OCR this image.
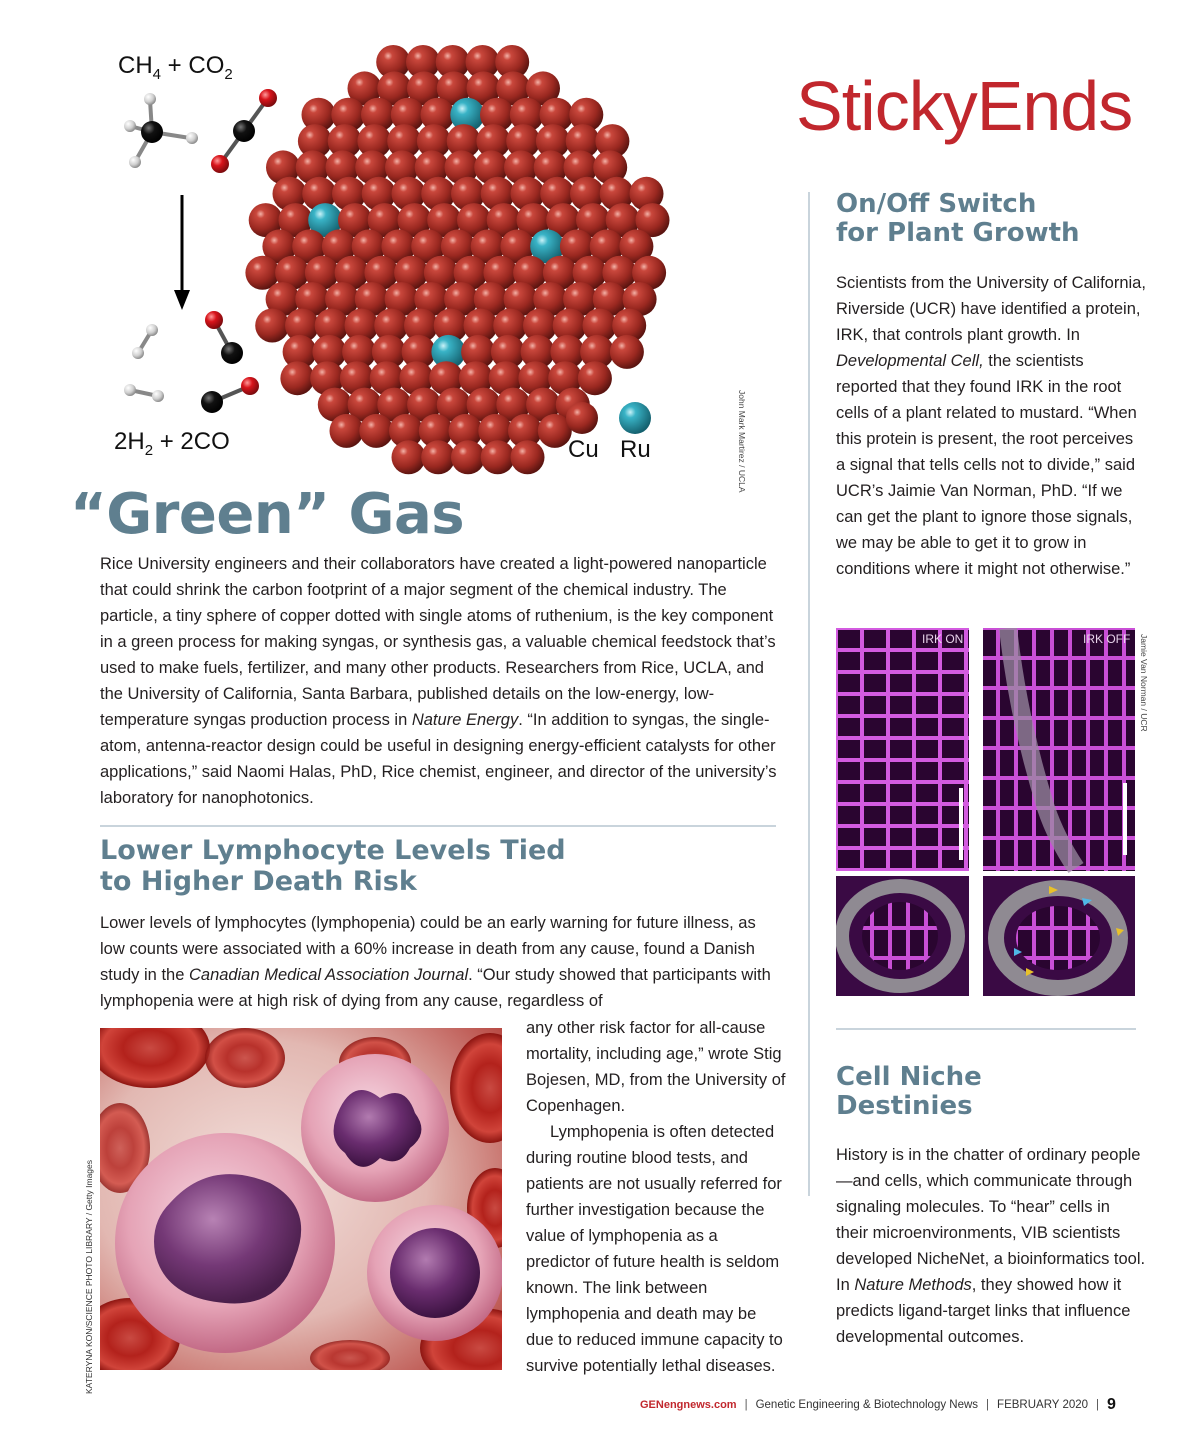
StickyEnds
$CH_4 + CO_2$
$2H_2 + 2CO$	Cu Ru	John Mark Martirez / UCLA
“Green” Gas
Rice University engineers and their collaborators have created a light-powered nanoparticle that could shrink the carbon footprint of a major segment of the chemical industry. The particle, a tiny sphere of copper dotted with single atoms of ruthenium, is the key component in a green process for making syngas, or synthesis gas, a valuable chemical feedstock that’s used to make fuels, fertilizer, and many other products. Researchers from Rice, UCLA, and the University of California, Santa Barbara, published details on the low-energy, low-temperature syngas production process in Nature Energy. “In addition to syngas, the single-atom, antenna-reactor design could be useful in designing energy-efficient catalysts for other applications,” said Naomi Halas, PhD, Rice chemist, engineer, and director of the university’s laboratory for nanophotonics.
Lower Lymphocyte Levels Tied
to Higher Death Risk
Lower levels of lymphocytes (lymphopenia) could be an early warning for future illness, as low counts were associated with a 60% increase in death from any cause, found a Danish study in the Canadian Medical Association Journal. “Our study showed that participants with lymphopenia were at high risk of dying from any cause, regardless of
KATERYNA KON/SCIENCE PHOTO LIBRARY / Getty Images
any other risk factor for all-cause mortality, including age,” wrote Stig Bojesen, MD, from the University of Copenhagen.
Lymphopenia is often detected during routine blood tests, and patients are not usually referred for further investigation because the value of lymphopenia as a predictor of future health is seldom known. The link between lymphopenia and death may be due to reduced immune capacity to survive potentially lethal diseases.
On/Off Switch
for Plant Growth
Scientists from the University of California, Riverside (UCR) have identified a protein, IRK, that controls plant growth. In Developmental Cell, the scientists reported that they found IRK in the root cells of a plant related to mustard. “When this protein is present, the root perceives a signal that tells cells not to divide,” said UCR’s Jaimie Van Norman, PhD. “If we can get the plant to ignore those signals, we may be able to get it to grow in conditions where it might not otherwise.”
IRK ON	IRK OFF Jamie Van Norman / UCR
Cell Niche
Destinies
History is in the chatter of ordinary people—and cells, which communicate through signaling molecules. To “hear” cells in their microenvironments, VIB scientists developed NicheNet, a bioinformatics tool. In Nature Methods, they showed how it predicts ligand-target links that influence developmental outcomes.
GENengnews.com | Genetic Engineering & Biotechnology News | FEBRUARY 2020 | 9
